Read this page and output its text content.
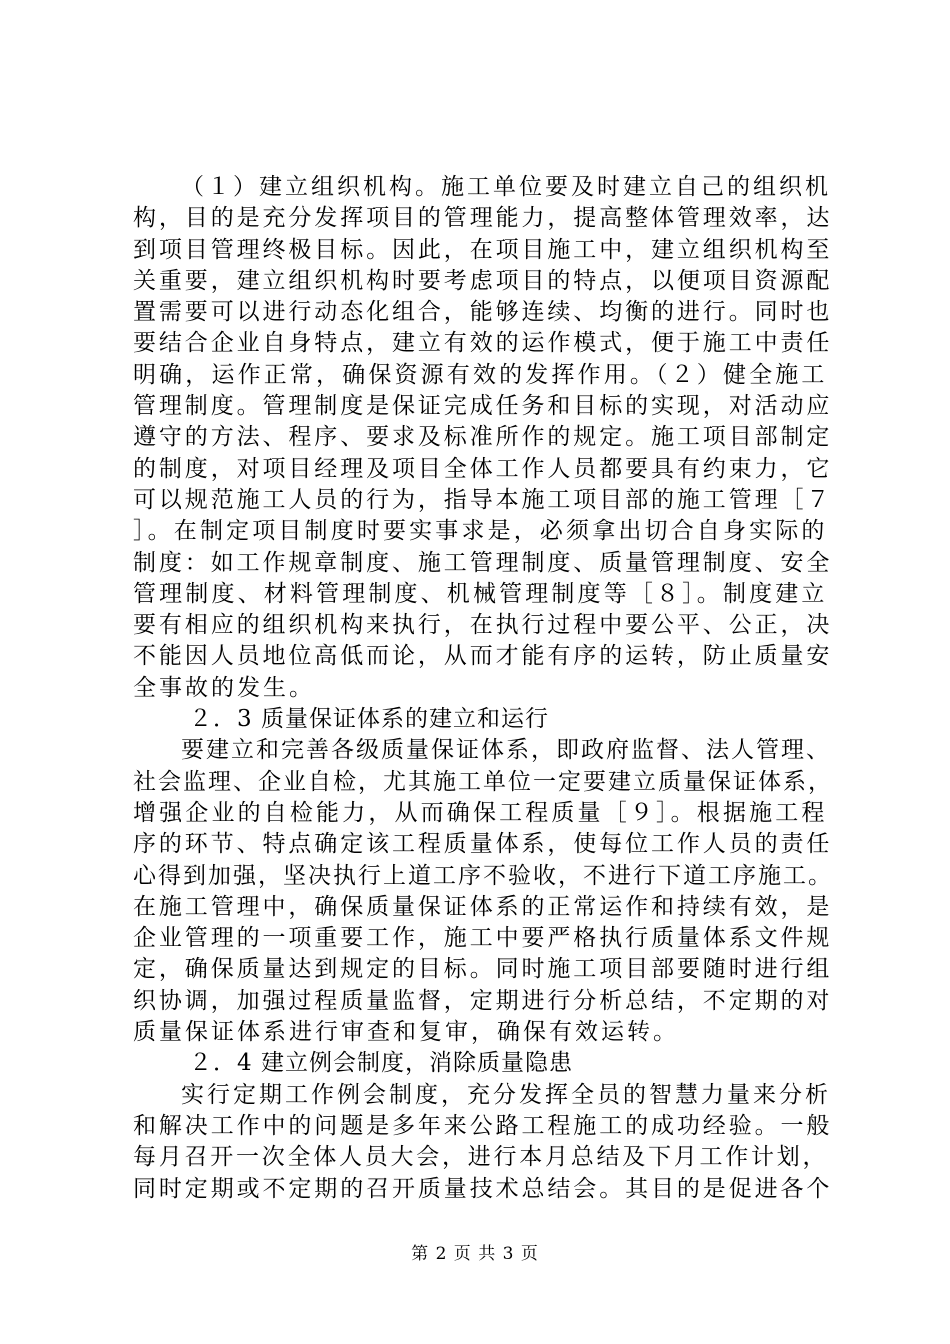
（１）建立组织机构。施工单位要及时建立自己的组织机
构，目的是充分发挥项目的管理能力，提高整体管理效率，达
到项目管理终极目标。因此，在项目施工中，建立组织机构至
关重要，建立组织机构时要考虑项目的特点，以便项目资源配
置需要可以进行动态化组合，能够连续、均衡的进行。同时也
要结合企业自身特点，建立有效的运作模式，便于施工中责任
明确，运作正常，确保资源有效的发挥作用。（２）健全施工
管理制度。管理制度是保证完成任务和目标的实现，对活动应
遵守的方法、程序、要求及标准所作的规定。施工项目部制定
的制度，对项目经理及项目全体工作人员都要具有约束力，它
可以规范施工人员的行为，指导本施工项目部的施工管理［７
］。在制定项目制度时要实事求是，必须拿出切合自身实际的
制度：如工作规章制度、施工管理制度、质量管理制度、安全
管理制度、材料管理制度、机械管理制度等［８］。制度建立
要有相应的组织机构来执行，在执行过程中要公平、公正，决
不能因人员地位高低而论，从而才能有序的运转，防止质量安
全事故的发生。
２．3 质量保证体系的建立和运行
要建立和完善各级质量保证体系，即政府监督、法人管理、
社会监理、企业自检，尤其施工单位一定要建立质量保证体系，
增强企业的自检能力，从而确保工程质量［９］。根据施工程
序的环节、特点确定该工程质量体系，使每位工作人员的责任
心得到加强，坚决执行上道工序不验收，不进行下道工序施工。
在施工管理中，确保质量保证体系的正常运作和持续有效，是
企业管理的一项重要工作，施工中要严格执行质量体系文件规
定，确保质量达到规定的目标。同时施工项目部要随时进行组
织协调，加强过程质量监督，定期进行分析总结，不定期的对
质量保证体系进行审查和复审，确保有效运转。
２．4 建立例会制度，消除质量隐患
实行定期工作例会制度，充分发挥全员的智慧力量来分析
和解决工作中的问题是多年来公路工程施工的成功经验。一般
每月召开一次全体人员大会，进行本月总结及下月工作计划，
同时定期或不定期的召开质量技术总结会。其目的是促进各个
第 2 页 共 3 页
